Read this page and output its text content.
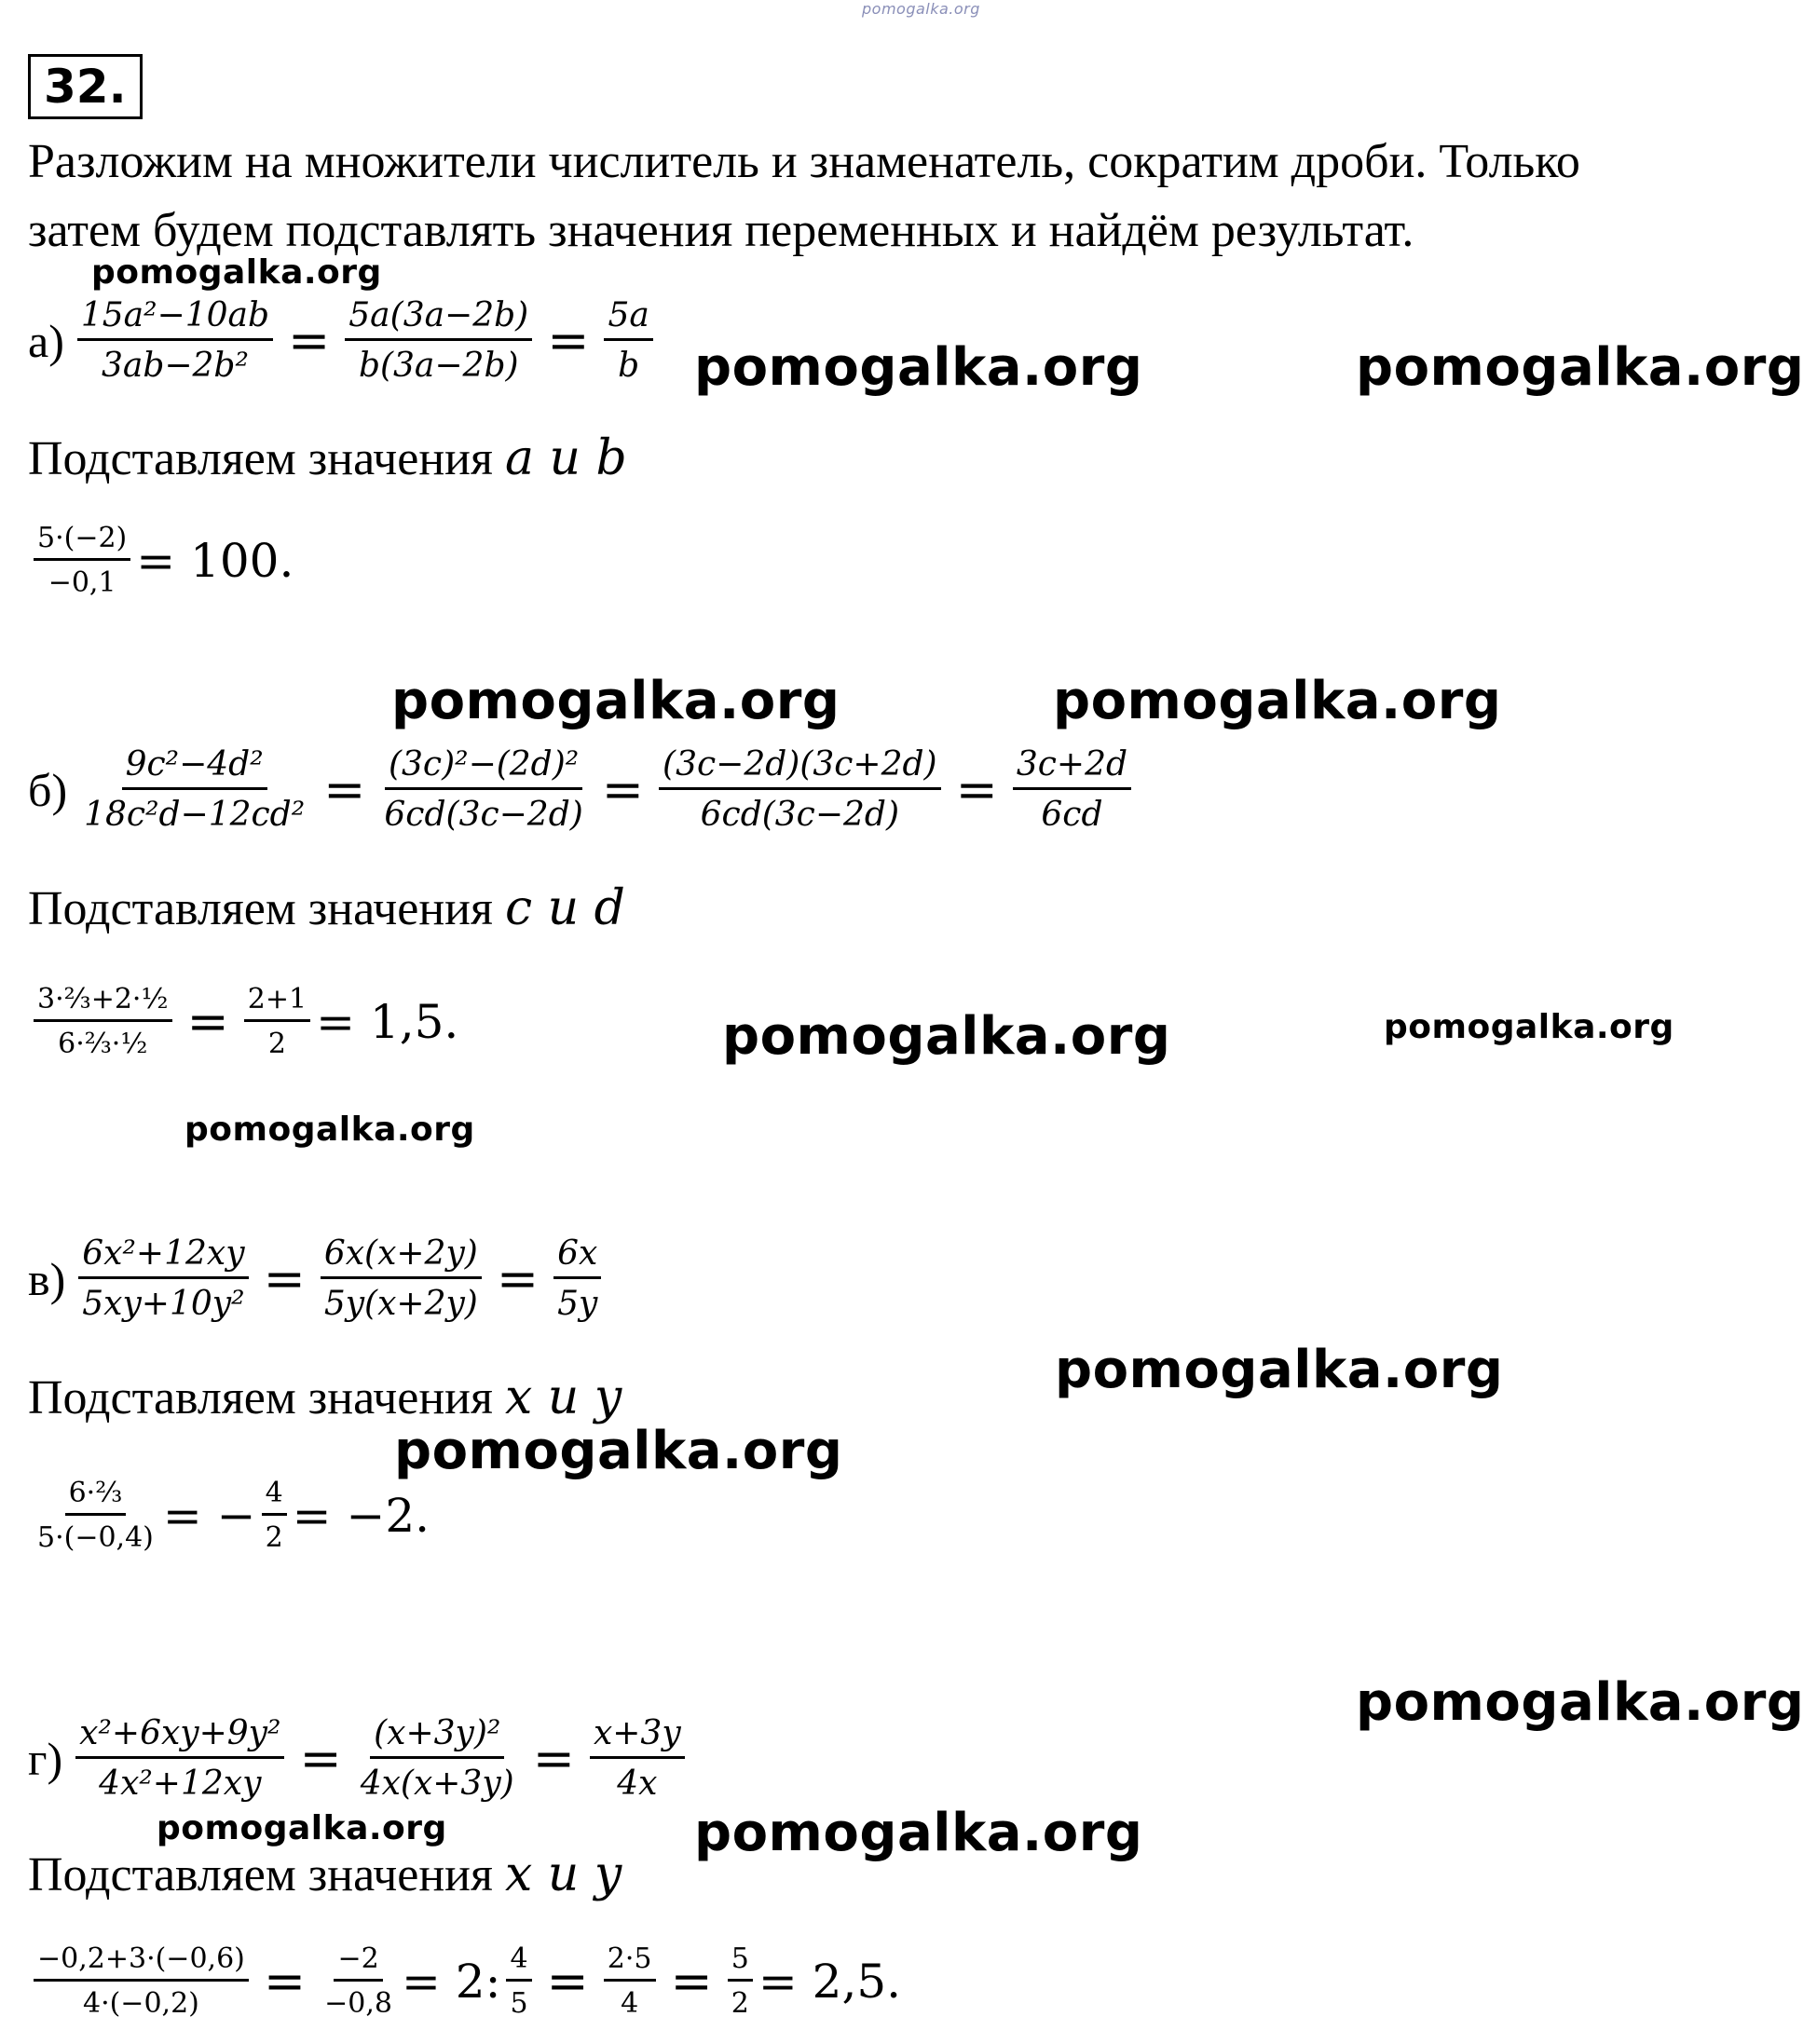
pomogalka.org
32.
Разложим на множители числитель и знаменатель, сократим дроби. Только
затем будем подставлять значения переменных и найдём результат.
pomogalka.org
pomogalka.org	pomogalka.org
pomogalka.org	pomogalka.org
pomogalka.org	pomogalka.org
pomogalka.org
pomogalka.org
pomogalka.org
pomogalka.org
pomogalka.org	pomogalka.org
$а) \frac{\text{15a²−10ab}}{\text{3ab−2b²}} = \frac{5a(3a-2b)}{b(3a-2b)} = \frac{5a}{b}$
Подставляем значения a и b
$\frac{5\cdot(-2)}{-0,1} = 100$.
$б) \frac{\text{9c²−4d²}}{\text{18c²d−12cd²}} = \frac{\text{(3c)²−(2d)²}}{6cd(3c-2d)} = \frac{(3c-2d)(3c+2d)}{6cd(3c-2d)} = \frac{3c+2d}{6cd}$
Подставляем значения c и d
$\frac{\text{3·⅔+2·½}}{\text{6·⅔·½}} = \frac{2+1}{2} = 1,5$.
$в) \frac{\text{6x²+12xy}}{\text{5xy+10y²}} = \frac{6x(x+2y)}{5y(x+2y)} = \frac{6x}{5y}$
Подставляем значения x и y
$\frac{\text{6·⅔}}{5\cdot(-0,4)}$ = − $\frac{4}{2} = -2$.
$г) \frac{\text{x²+6xy+9y²}}{\text{4x²+12xy}} = \frac{\text{(x+3y)²}}{4x(x+3y)} = \frac{x+3y}{4x}$
Подставляем значения x и y
$\frac{-0,2+3\cdot(-0,6)}{4\cdot(-0,2)} = \frac{-2}{-0,8} = 2$: $\frac{4}{5} = \frac{2\cdot 5}{4} = \frac{5}{2} = 2,5$.
